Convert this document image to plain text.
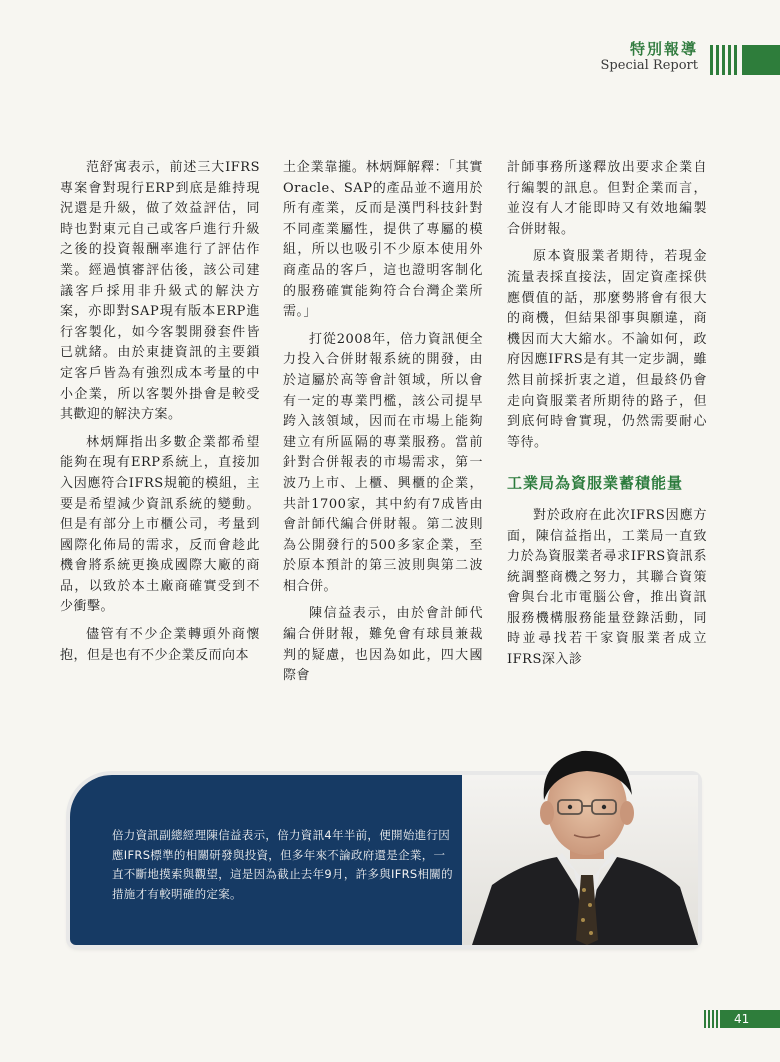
特別報導
Special Report

范舒寓表示，前述三大IFRS專案會對現行ERP到底是維持現況還是升級，做了效益評估，同時也對東元自己或客戶進行升級之後的投資報酬率進行了評估作業。經過慎審評估後，該公司建議客戶採用非升級式的解決方案，亦即對SAP現有版本ERP進行客製化，如今客製開發套件皆已就緒。由於東捷資訊的主要鎖定客戶皆為有強烈成本考量的中小企業，所以客製外掛會是較受其歡迎的解決方案。

林炳輝指出多數企業都希望能夠在現有ERP系統上，直接加入因應符合IFRS規範的模組，主要是希望減少資訊系統的變動。但是有部分上市櫃公司，考量到國際化佈局的需求，反而會趁此機會將系統更換成國際大廠的商品，以致於本土廠商確實受到不少衝擊。

儘管有不少企業轉頭外商懷抱，但是也有不少企業反而向本

土企業靠攏。林炳輝解釋：「其實Oracle、SAP的產品並不適用於所有產業，反而是漢門科技針對不同產業屬性，提供了專屬的模組，所以也吸引不少原本使用外商產品的客戶，這也證明客制化的服務確實能夠符合台灣企業所需。」

打從2008年，倍力資訊便全力投入合併財報系統的開發，由於這屬於高等會計領域，所以會有一定的專業門檻，該公司提早跨入該領域，因而在市場上能夠建立有所區隔的專業服務。當前針對合併報表的市場需求，第一波乃上市、上櫃、興櫃的企業，共計1700家，其中約有7成皆由會計師代編合併財報。第二波則為公開發行的500多家企業，至於原本預計的第三波則與第二波相合併。

陳信益表示，由於會計師代編合併財報，難免會有球員兼裁判的疑慮，也因為如此，四大國際會

計師事務所遂釋放出要求企業自行編製的訊息。但對企業而言，並沒有人才能即時又有效地編製合併財報。

原本資服業者期待，若現金流量表採直接法，固定資產採供應價值的話，那麼勢將會有很大的商機，但結果卻事與願違，商機因而大大縮水。不論如何，政府因應IFRS是有其一定步調，雖然目前採折衷之道，但最終仍會走向資服業者所期待的路子，但到底何時會實現，仍然需要耐心等待。

工業局為資服業蓄積能量

對於政府在此次IFRS因應方面，陳信益指出，工業局一直致力於為資服業者尋求IFRS資訊系統調整商機之努力，其聯合資策會與台北市電腦公會，推出資訊服務機構服務能量登錄活動，同時並尋找若干家資服業者成立IFRS深入診

倍力資訊副總經理陳信益表示，倍力資訊4年半前，便開始進行因應IFRS標準的相關研發與投資，但多年來不論政府還是企業，一直不斷地摸索與觀望，這是因為截止去年9月，許多與IFRS相關的措施才有較明確的定案。
41
